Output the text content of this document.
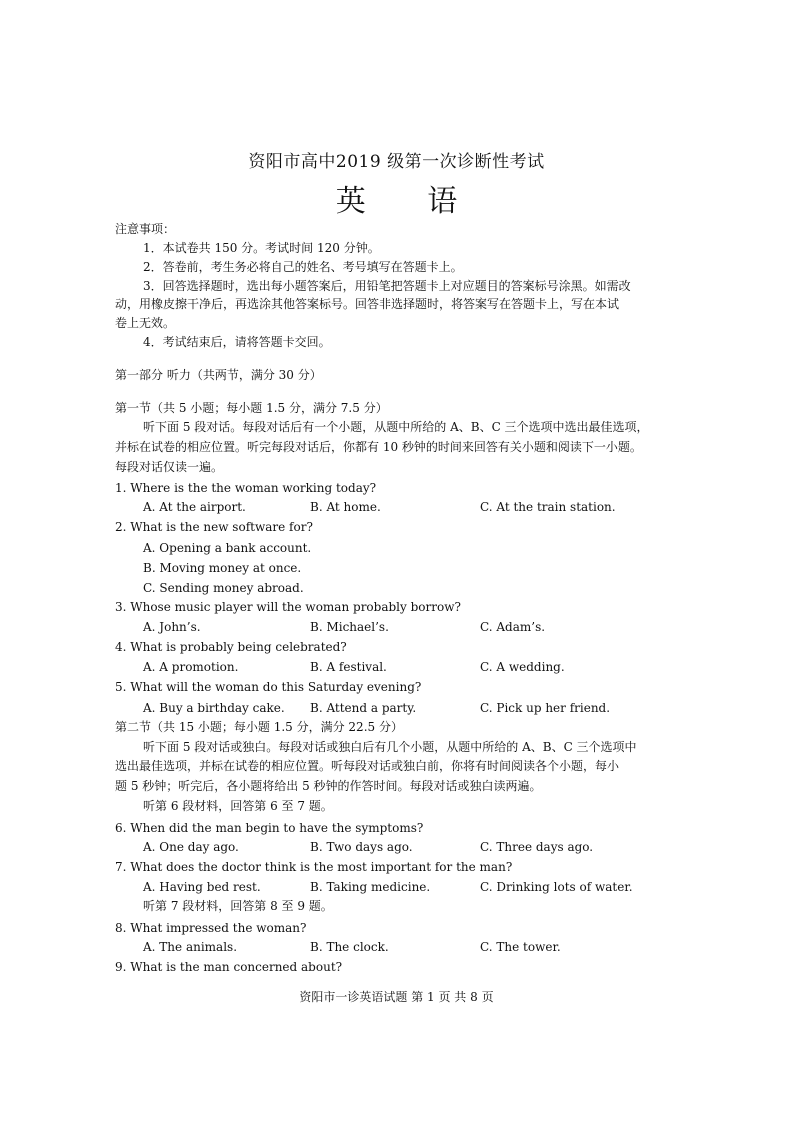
资阳市高中2019 级第一次诊断性考试
英 语
注意事项：
1．本试卷共 150 分。考试时间 120 分钟。
2．答卷前，考生务必将自己的姓名、考号填写在答题卡上。
3．回答选择题时，选出每小题答案后，用铅笔把答题卡上对应题目的答案标号涂黑。如需改
动，用橡皮擦干净后，再选涂其他答案标号。回答非选择题时，将答案写在答题卡上，写在本试
卷上无效。
4．考试结束后，请将答题卡交回。
第一部分 听力（共两节，满分 30 分）
第一节（共 5 小题；每小题 1.5 分，满分 7.5 分）
听下面 5 段对话。每段对话后有一个小题，从题中所给的 A、B、C 三个选项中选出最佳选项，
并标在试卷的相应位置。听完每段对话后，你都有 10 秒钟的时间来回答有关小题和阅读下一小题。
每段对话仅读一遍。
1. Where is the the woman working today?
A. At the airport.	B. At home.	C. At the train station.
2. What is the new software for?
A. Opening a bank account.
B. Moving money at once.
C. Sending money abroad.
3. Whose music player will the woman probably borrow?
A. John’s.	B. Michael’s.	C. Adam’s.
4. What is probably being celebrated?
A. A promotion.	B. A festival.	C. A wedding.
5. What will the woman do this Saturday evening?
A. Buy a birthday cake. B. Attend a party.	C. Pick up her friend.
第二节（共 15 小题；每小题 1.5 分，满分 22.5 分）
听下面 5 段对话或独白。每段对话或独白后有几个小题，从题中所给的 A、B、C 三个选项中
选出最佳选项，并标在试卷的相应位置。听每段对话或独白前，你将有时间阅读各个小题，每小
题 5 秒钟；听完后，各小题将给出 5 秒钟的作答时间。每段对话或独白读两遍。
听第 6 段材料，回答第 6 至 7 题。
6. When did the man begin to have the symptoms?
A. One day ago.	B. Two days ago.	C. Three days ago.
7. What does the doctor think is the most important for the man?
A. Having bed rest.	B. Taking medicine.	C. Drinking lots of water.
听第 7 段材料，回答第 8 至 9 题。
8. What impressed the woman?
A. The animals.	B. The clock.	C. The tower.
9. What is the man concerned about?
资阳市一诊英语试题 第 1 页 共 8 页
